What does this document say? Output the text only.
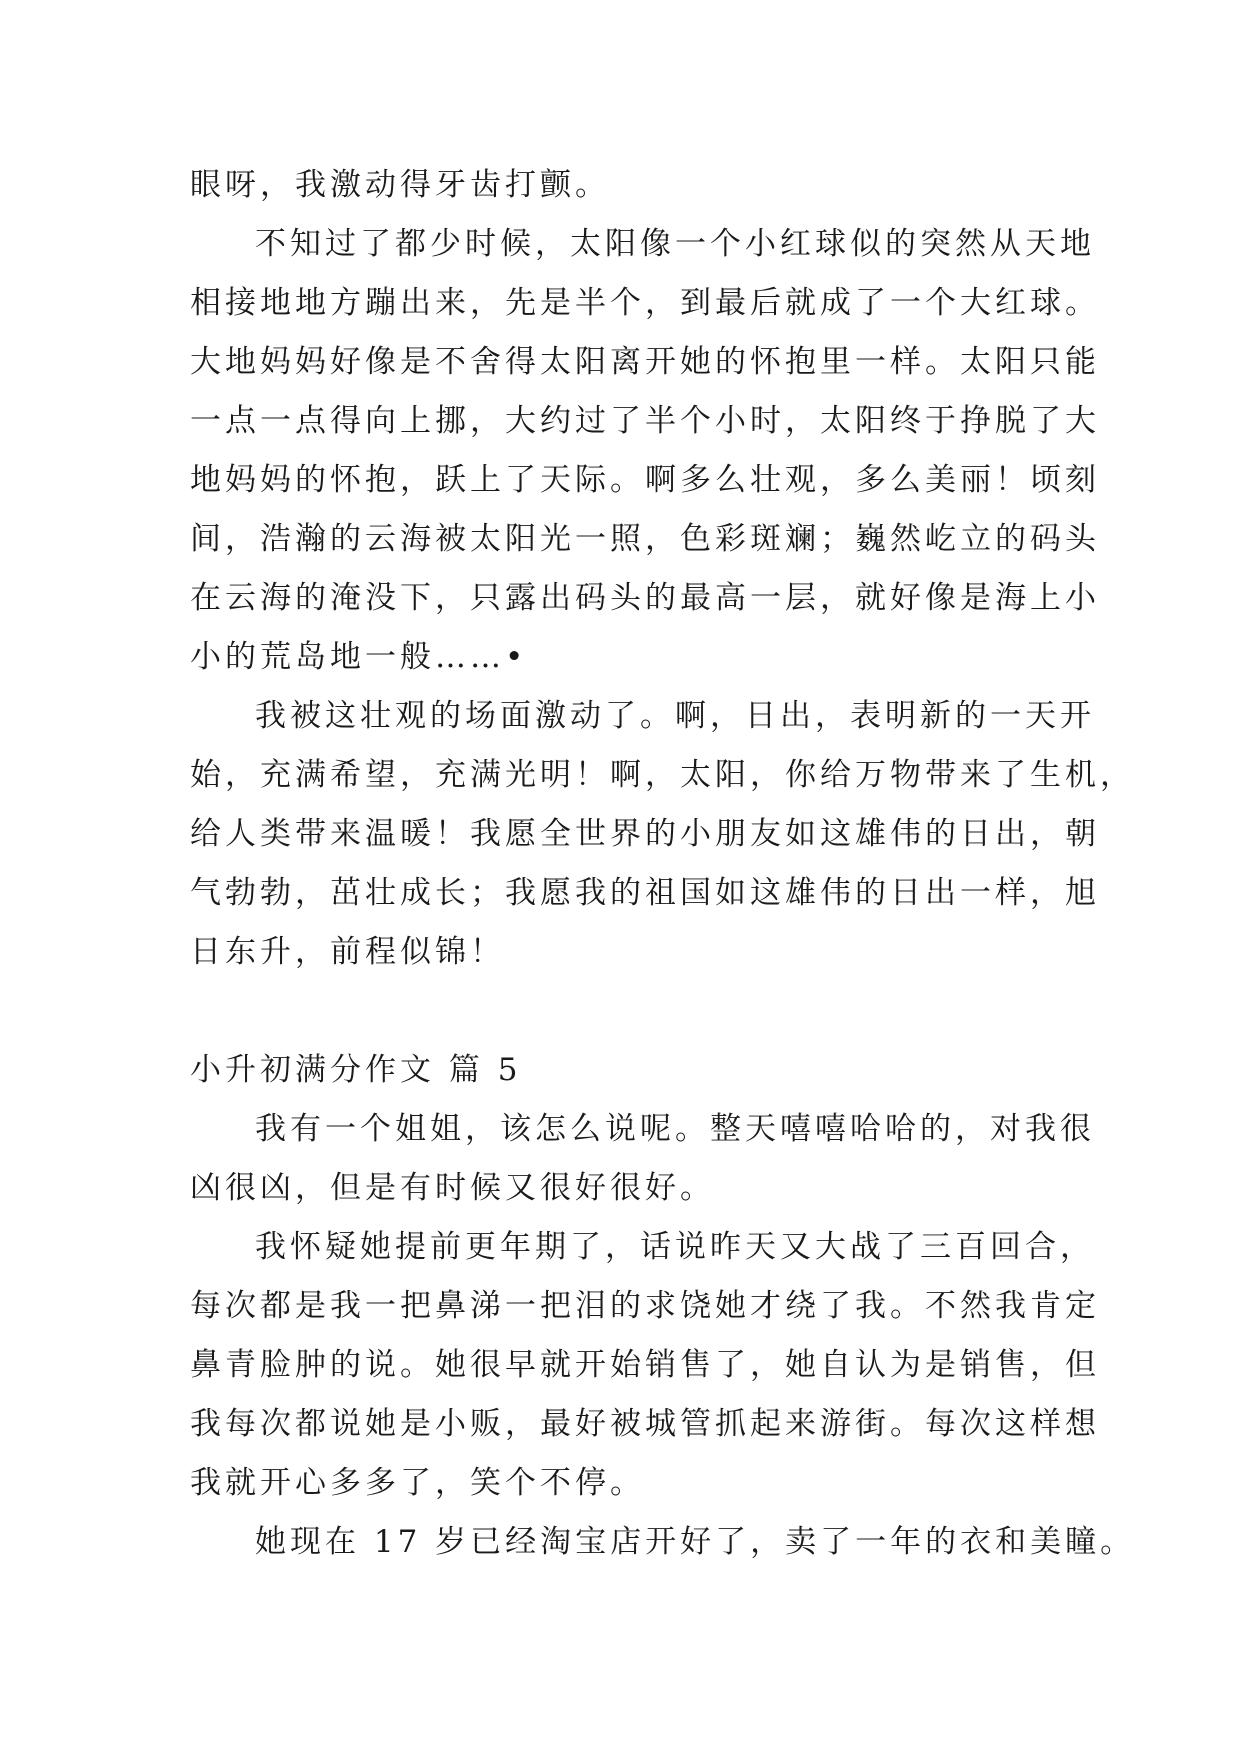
眼呀，我激动得牙齿打颤。
不知过了都少时候，太阳像一个小红球似的突然从天地
相接地地方蹦出来，先是半个，到最后就成了一个大红球。
大地妈妈好像是不舍得太阳离开她的怀抱里一样。太阳只能
一点一点得向上挪，大约过了半个小时，太阳终于挣脱了大
地妈妈的怀抱，跃上了天际。啊多么壮观，多么美丽！顷刻
间，浩瀚的云海被太阳光一照，色彩斑斓；巍然屹立的码头
在云海的淹没下，只露出码头的最高一层，就好像是海上小
小的荒岛地一般……•
我被这壮观的场面激动了。啊，日出，表明新的一天开
始，充满希望，充满光明！啊，太阳，你给万物带来了生机，
给人类带来温暖！我愿全世界的小朋友如这雄伟的日出，朝
气勃勃，茁壮成长；我愿我的祖国如这雄伟的日出一样，旭
日东升，前程似锦！
小升初满分作文 篇 5
我有一个姐姐，该怎么说呢。整天嘻嘻哈哈的，对我很
凶很凶，但是有时候又很好很好。
我怀疑她提前更年期了，话说昨天又大战了三百回合，
每次都是我一把鼻涕一把泪的求饶她才绕了我。不然我肯定
鼻青脸肿的说。她很早就开始销售了，她自认为是销售，但
我每次都说她是小贩，最好被城管抓起来游街。每次这样想
我就开心多多了，笑个不停。
她现在 17 岁已经淘宝店开好了，卖了一年的衣和美瞳。
